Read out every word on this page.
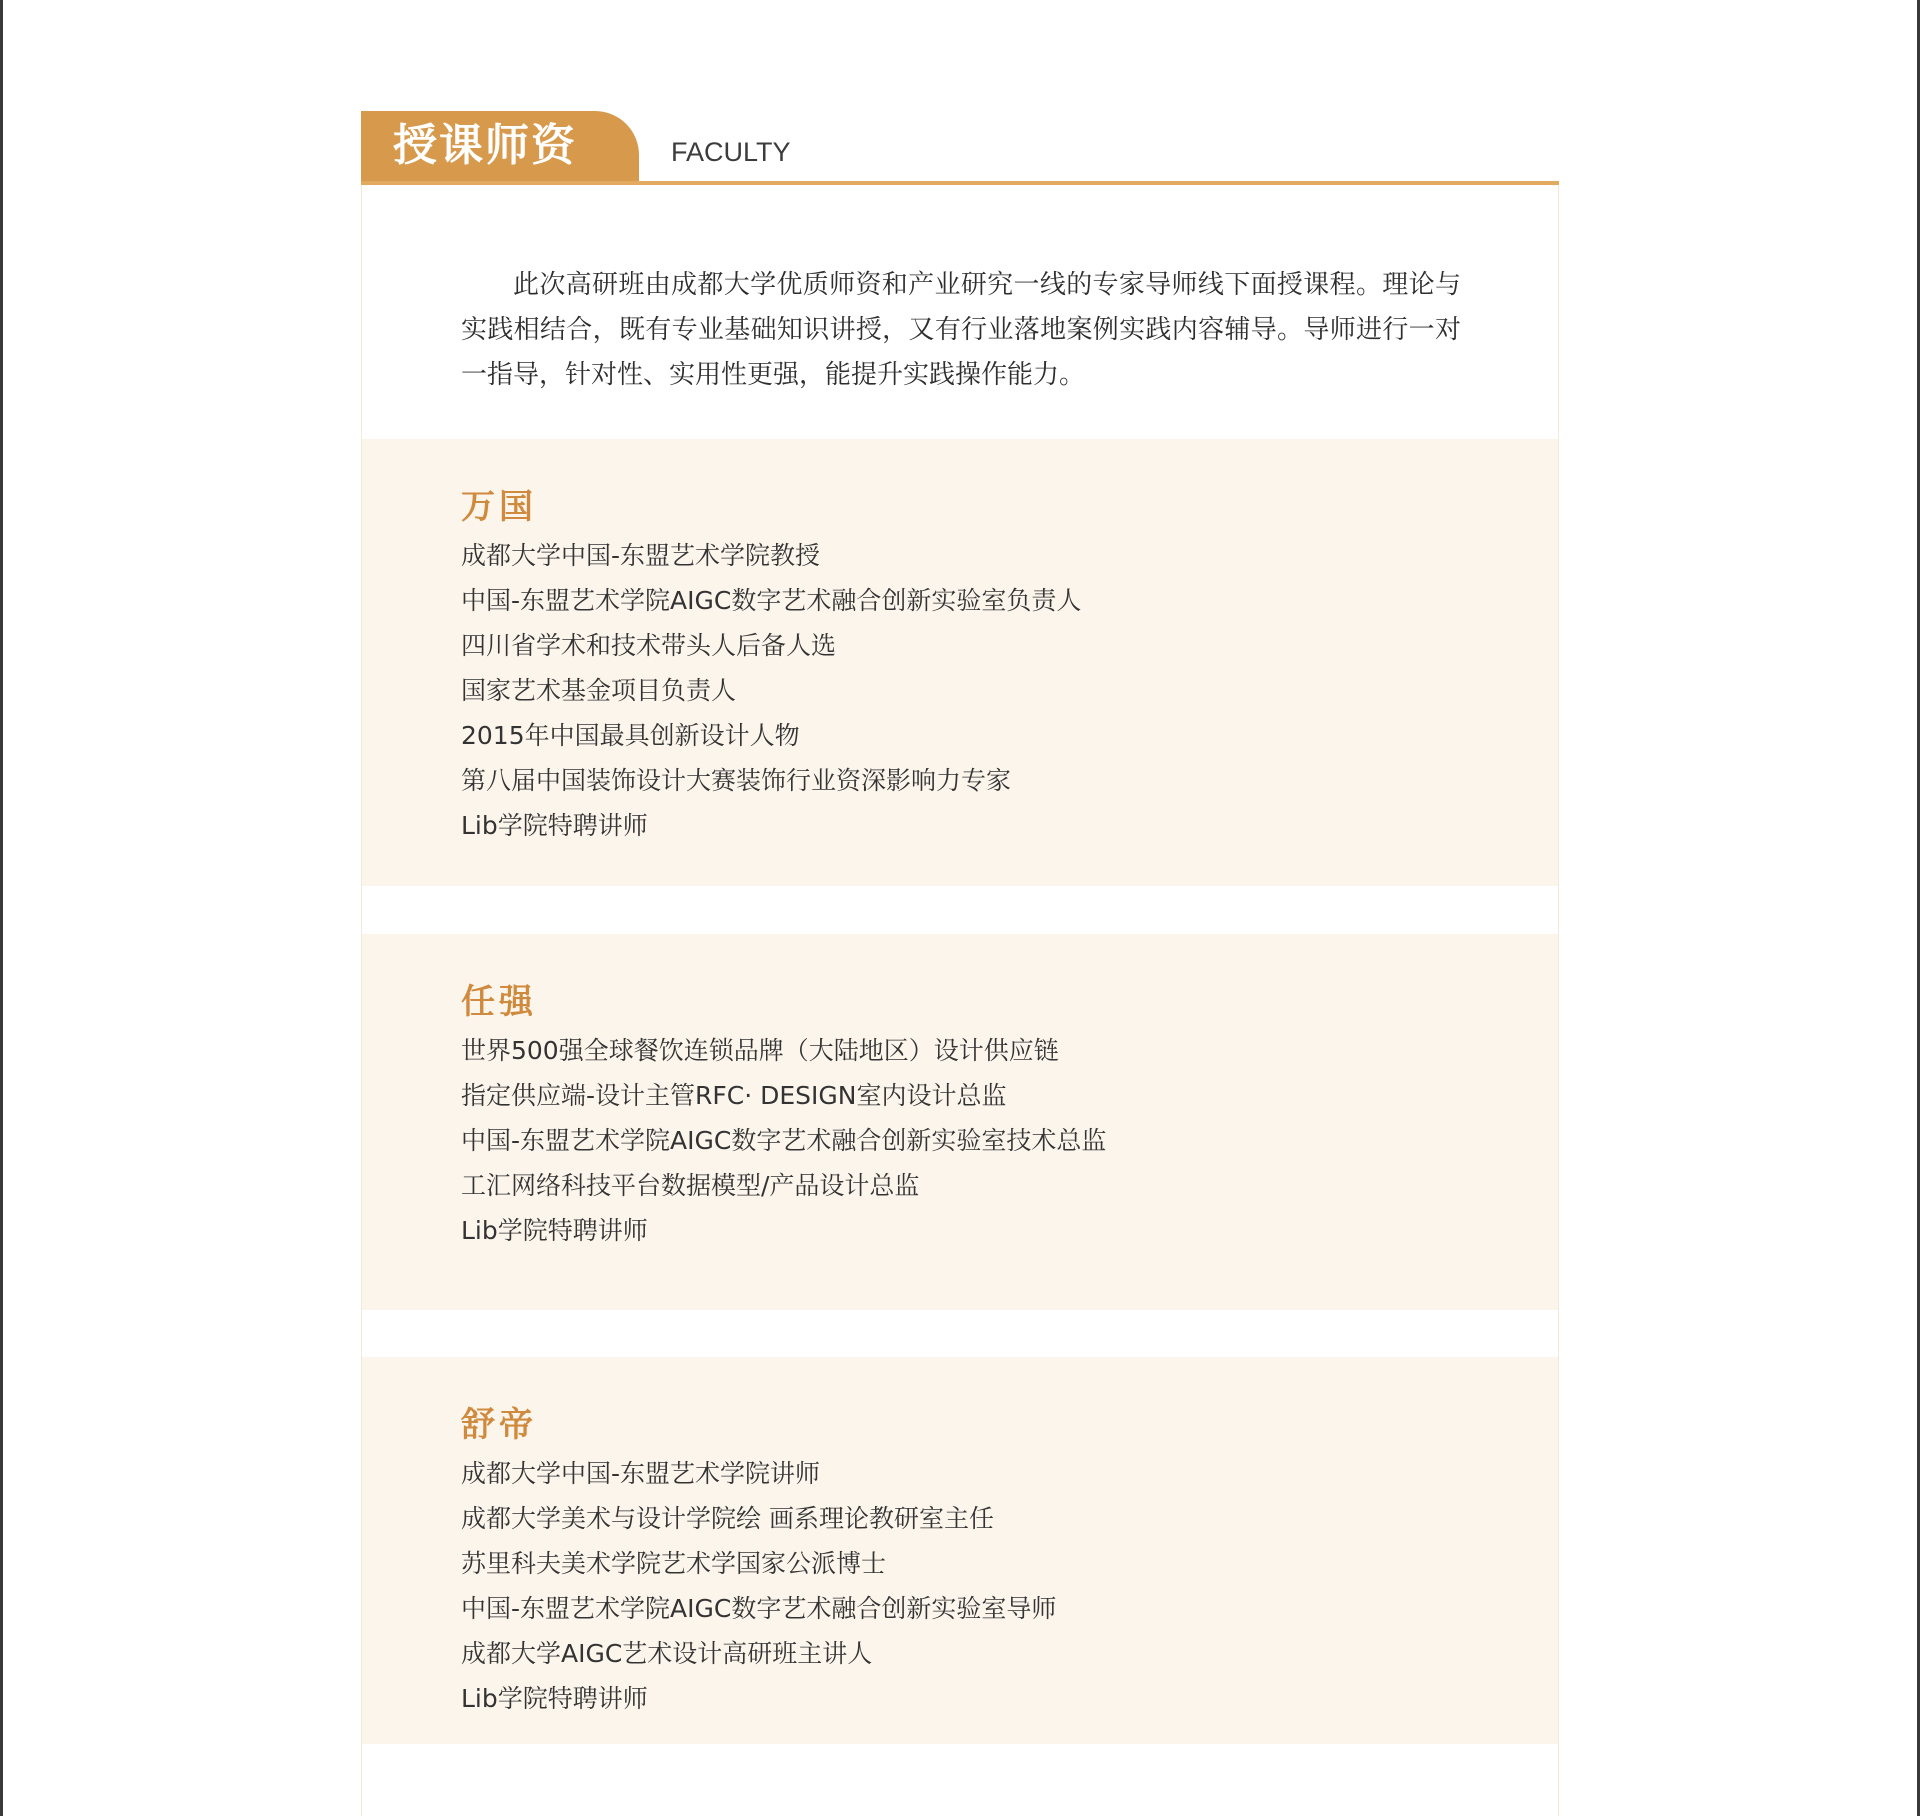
授课师资	FACULTY

此次高研班由成都大学优质师资和产业研究一线的专家导师线下面授课程。理论与实践相结合，既有专业基础知识讲授，又有行业落地案例实践内容辅导。导师进行一对一指导，针对性、实用性更强，能提升实践操作能力。

万国
成都大学中国-东盟艺术学院教授
中国-东盟艺术学院AIGC数字艺术融合创新实验室负责人
四川省学术和技术带头人后备人选
国家艺术基金项目负责人
2015年中国最具创新设计人物
第八届中国装饰设计大赛装饰行业资深影响力专家
Lib学院特聘讲师
任强
世界500强全球餐饮连锁品牌（大陆地区）设计供应链
指定供应端-设计主管RFC· DESIGN室内设计总监
中国-东盟艺术学院AIGC数字艺术融合创新实验室技术总监
工汇网络科技平台数据模型/产品设计总监
Lib学院特聘讲师
舒帝
成都大学中国-东盟艺术学院讲师
成都大学美术与设计学院绘 画系理论教研室主任
苏里科夫美术学院艺术学国家公派博士
中国-东盟艺术学院AIGC数字艺术融合创新实验室导师
成都大学AIGC艺术设计高研班主讲人
Lib学院特聘讲师
